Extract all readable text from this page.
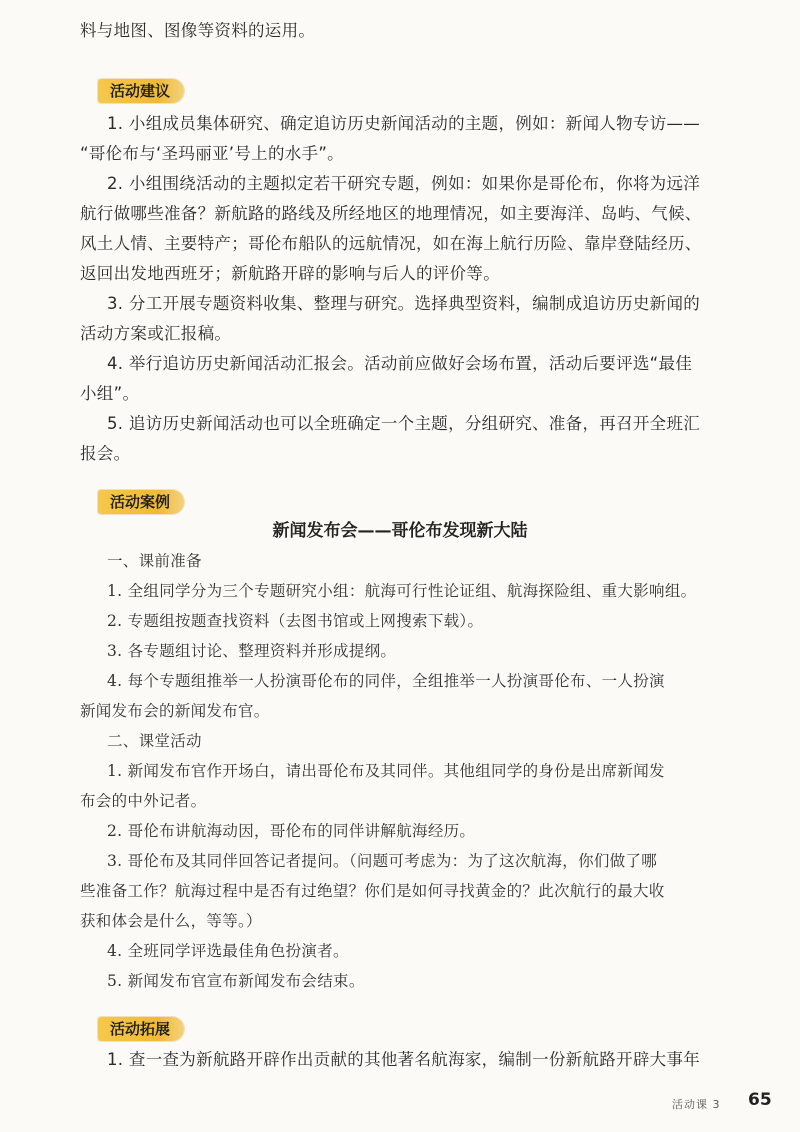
料与地图、图像等资料的运用。
活动建议
1. 小组成员集体研究、确定追访历史新闻活动的主题，例如：新闻人物专访——
“哥伦布与‘圣玛丽亚’号上的水手”。
2. 小组围绕活动的主题拟定若干研究专题，例如：如果你是哥伦布，你将为远洋
航行做哪些准备？新航路的路线及所经地区的地理情况，如主要海洋、岛屿、气候、
风土人情、主要特产；哥伦布船队的远航情况，如在海上航行历险、靠岸登陆经历、
返回出发地西班牙；新航路开辟的影响与后人的评价等。
3. 分工开展专题资料收集、整理与研究。选择典型资料，编制成追访历史新闻的
活动方案或汇报稿。
4. 举行追访历史新闻活动汇报会。活动前应做好会场布置，活动后要评选“最佳
小组”。
5. 追访历史新闻活动也可以全班确定一个主题，分组研究、准备，再召开全班汇
报会。
活动案例
新闻发布会——哥伦布发现新大陆
一、课前准备
1. 全组同学分为三个专题研究小组：航海可行性论证组、航海探险组、重大影响组。
2. 专题组按题查找资料（去图书馆或上网搜索下载）。
3. 各专题组讨论、整理资料并形成提纲。
4. 每个专题组推举一人扮演哥伦布的同伴，全组推举一人扮演哥伦布、一人扮演
新闻发布会的新闻发布官。
二、课堂活动
1. 新闻发布官作开场白，请出哥伦布及其同伴。其他组同学的身份是出席新闻发
布会的中外记者。
2. 哥伦布讲航海动因，哥伦布的同伴讲解航海经历。
3. 哥伦布及其同伴回答记者提问。（问题可考虑为：为了这次航海，你们做了哪
些准备工作？航海过程中是否有过绝望？你们是如何寻找黄金的？此次航行的最大收
获和体会是什么，等等。）
4. 全班同学评选最佳角色扮演者。
5. 新闻发布官宣布新闻发布会结束。
活动拓展
1. 查一查为新航路开辟作出贡献的其他著名航海家，编制一份新航路开辟大事年
活动课 3 65
